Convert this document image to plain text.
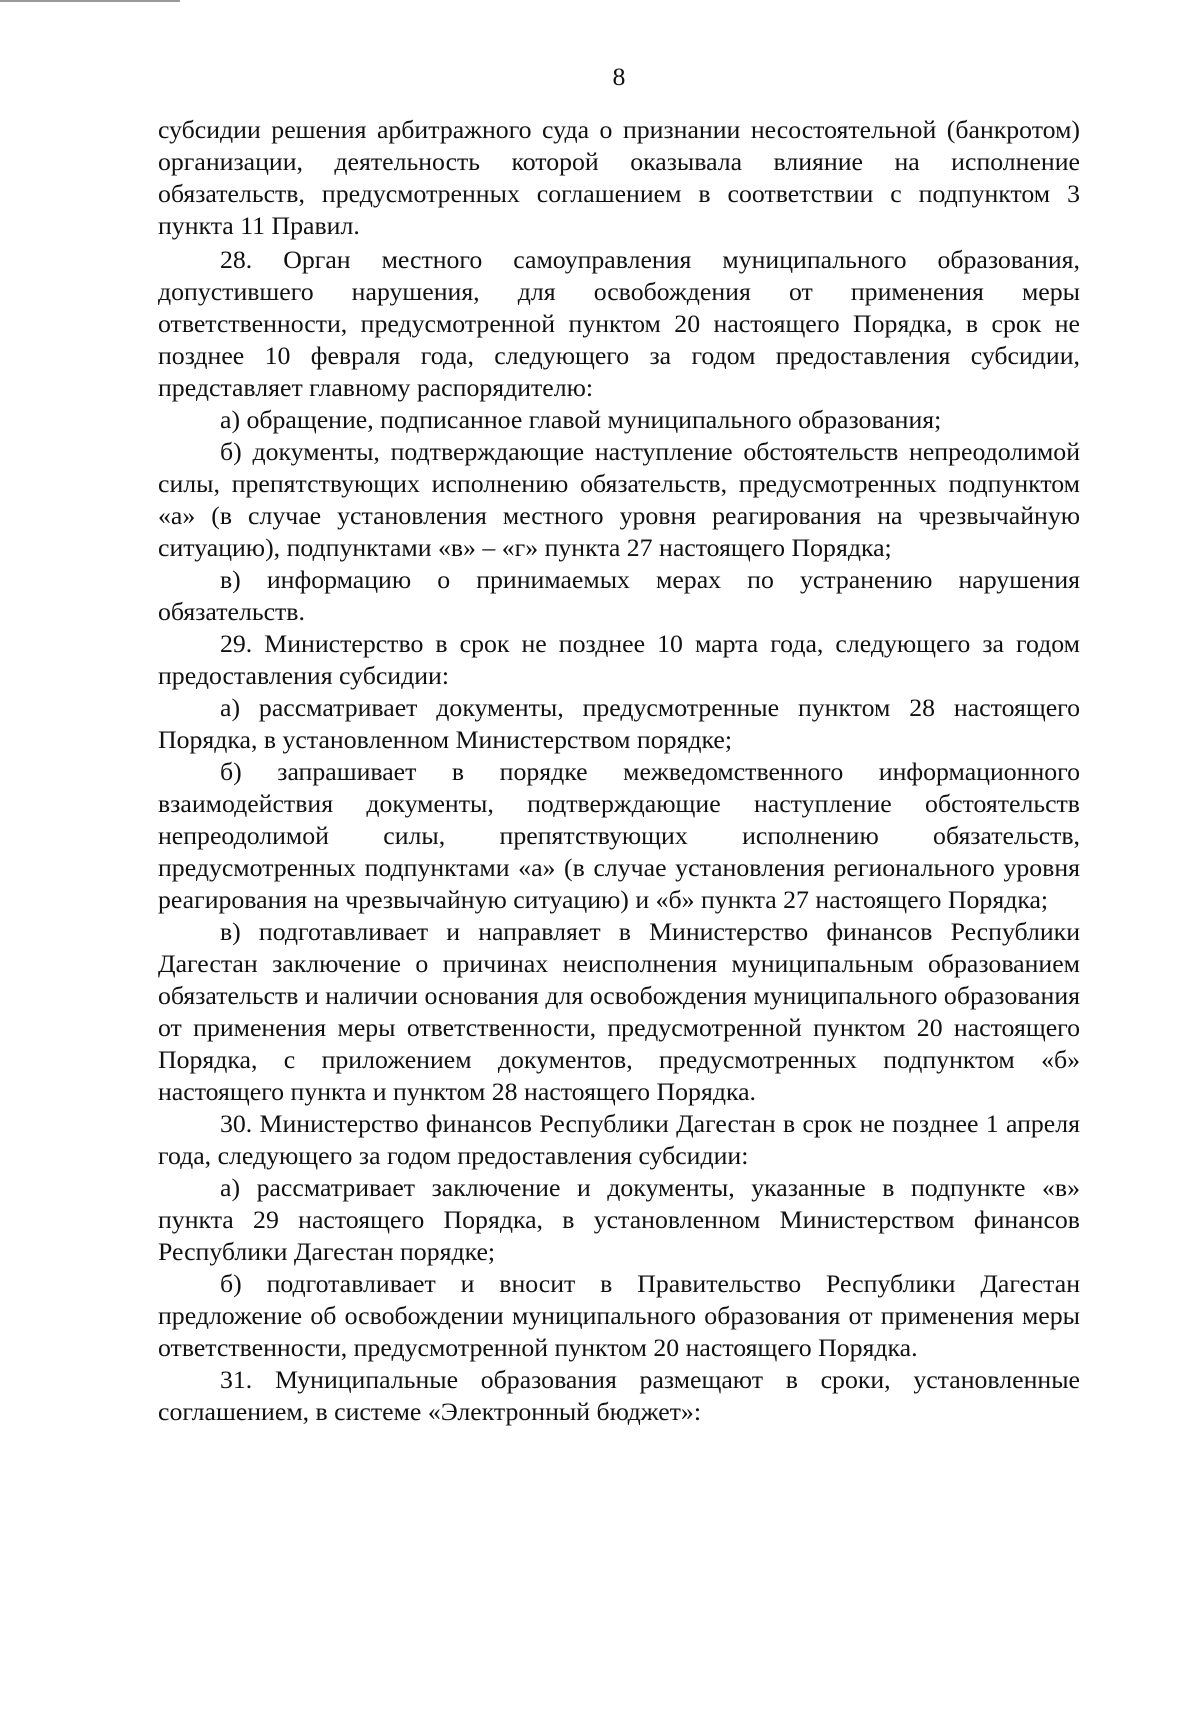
8

субсидии решения арбитражного суда о признании несостоятельной (банкротом) организации, деятельность которой оказывала влияние на исполнение обязательств, предусмотренных соглашением в соответствии с подпунктом 3 пункта 11 Правил.

28. Орган местного самоуправления муниципального образования, допустившего нарушения, для освобождения от применения меры ответственности, предусмотренной пунктом 20 настоящего Порядка, в срок не позднее 10 февраля года, следующего за годом предоставления субсидии, представляет главному распорядителю:

а) обращение, подписанное главой муниципального образования;

б) документы, подтверждающие наступление обстоятельств непреодолимой силы, препятствующих исполнению обязательств, предусмотренных подпунктом «а» (в случае установления местного уровня реагирования на чрезвычайную ситуацию), подпунктами «в» – «г» пункта 27 настоящего Порядка;

в) информацию о принимаемых мерах по устранению нарушения обязательств.

29. Министерство в срок не позднее 10 марта года, следующего за годом предоставления субсидии:

а) рассматривает документы, предусмотренные пунктом 28 настоящего Порядка, в установленном Министерством порядке;

б) запрашивает в порядке межведомственного информационного взаимодействия документы, подтверждающие наступление обстоятельств непреодолимой силы, препятствующих исполнению обязательств, предусмотренных подпунктами «а» (в случае установления регионального уровня реагирования на чрезвычайную ситуацию) и «б» пункта 27 настоящего Порядка;

в) подготавливает и направляет в Министерство финансов Республики Дагестан заключение о причинах неисполнения муниципальным образованием обязательств и наличии основания для освобождения муниципального образования от применения меры ответственности, предусмотренной пунктом 20 настоящего Порядка, с приложением документов, предусмотренных подпунктом «б» настоящего пункта и пунктом 28 настоящего Порядка.

30. Министерство финансов Республики Дагестан в срок не позднее 1 апреля года, следующего за годом предоставления субсидии:

а) рассматривает заключение и документы, указанные в подпункте «в» пункта 29 настоящего Порядка, в установленном Министерством финансов Республики Дагестан порядке;

б) подготавливает и вносит в Правительство Республики Дагестан предложение об освобождении муниципального образования от применения меры ответственности, предусмотренной пунктом 20 настоящего Порядка.

31. Муниципальные образования размещают в сроки, установленные соглашением, в системе «Электронный бюджет»:
